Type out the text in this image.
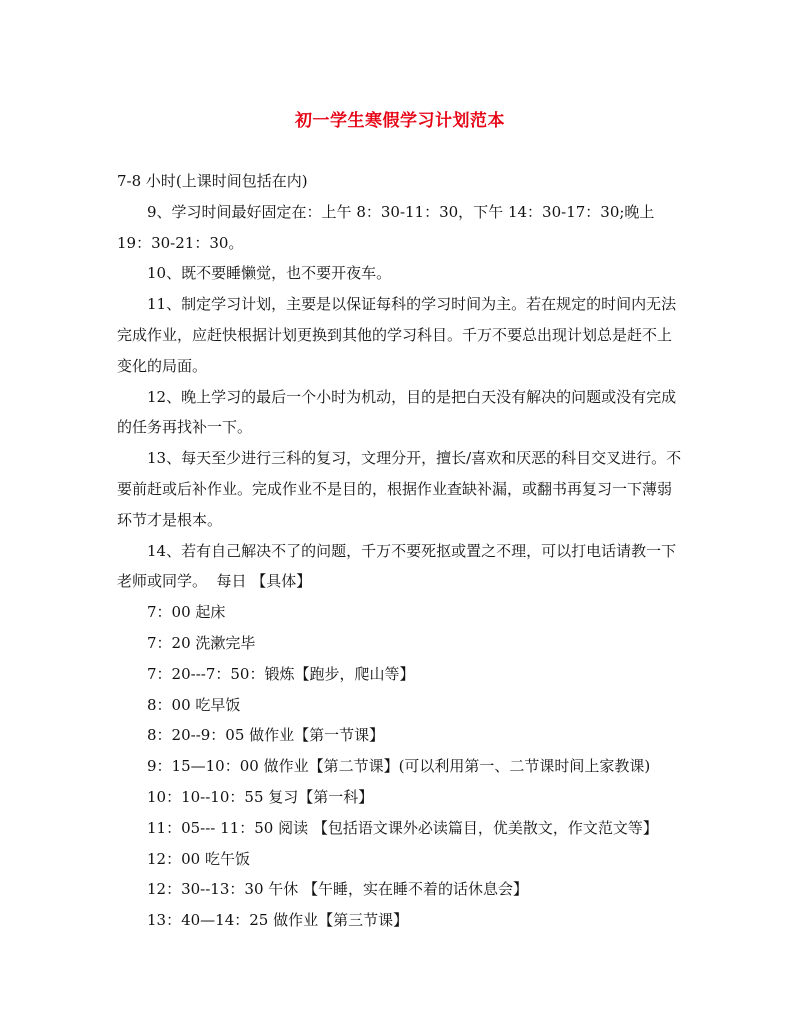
初一学生寒假学习计划范本

7-8 小时(上课时间包括在内)

9、学习时间最好固定在：上午 8：30-11：30，下午 14：30-17：30;晚上 19：30-21：30。

10、既不要睡懒觉，也不要开夜车。

11、制定学习计划，主要是以保证每科的学习时间为主。若在规定的时间内无法完成作业，应赶快根据计划更换到其他的学习科目。千万不要总出现计划总是赶不上变化的局面。

12、晚上学习的最后一个小时为机动，目的是把白天没有解决的问题或没有完成的任务再找补一下。

13、每天至少进行三科的复习，文理分开，擅长/喜欢和厌恶的科目交叉进行。不要前赶或后补作业。完成作业不是目的，根据作业查缺补漏，或翻书再复习一下薄弱环节才是根本。

14、若有自己解决不了的问题，千万不要死抠或置之不理，可以打电话请教一下老师或同学。  每日 【具体】

7：00 起床

7：20 洗漱完毕

7：20---7：50：锻炼【跑步，爬山等】

8：00 吃早饭

8：20--9：05 做作业【第一节课】

9：15—10：00 做作业【第二节课】(可以利用第一、二节课时间上家教课)

10：10--10：55 复习【第一科】

11：05--- 11：50 阅读 【包括语文课外必读篇目，优美散文，作文范文等】

12：00 吃午饭

12：30--13：30 午休 【午睡，实在睡不着的话休息会】

13：40—14：25 做作业【第三节课】
